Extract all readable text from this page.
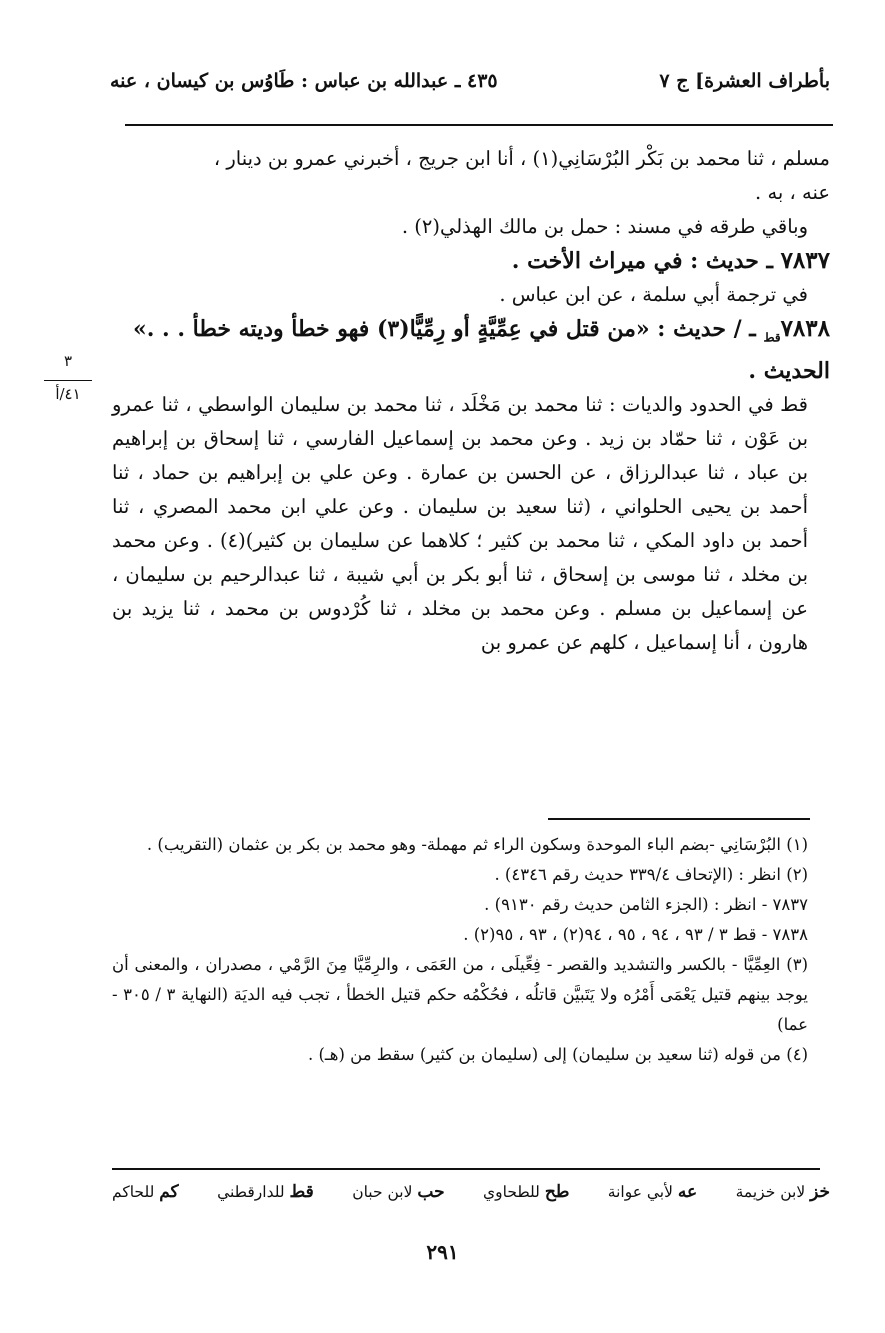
بأطراف العشرة] ج ٧
٤٣٥ ـ عبدالله بن عباس : طَاوُس بن كيسان ، عنه

مسلم ، ثنا محمد بن بَكْر البُرْسَانِي(١) ، أنا ابن جريج ، أخبرني عمرو بن دينار ،

عنه ، به .

وباقي طرقه في مسند : حمل بن مالك الهذلي(٢) .

٧٨٣٧ ـ حديث : في ميراث الأخت .

في ترجمة أبي سلمة ، عن ابن عباس .

$٧٨٣٨_{قط}$ ـ / حديث : «من قتل في عِمِّيَّةٍ أو رِمِّيًّا(٣) فهو خطأ وديته خطأ . . .»

الحديث .

قط في الحدود والديات : ثنا محمد بن مَخْلَد ، ثنا محمد بن سليمان الواسطي ، ثنا عمرو بن عَوْن ، ثنا حمّاد بن زيد . وعن محمد بن إسماعيل الفارسي ، ثنا إسحاق بن إبراهيم بن عباد ، ثنا عبدالرزاق ، عن الحسن بن عمارة . وعن علي بن إبراهيم بن حماد ، ثنا أحمد بن يحيى الحلواني ، (ثنا سعيد بن سليمان . وعن علي ابن محمد المصري ، ثنا أحمد بن داود المكي ، ثنا محمد بن كثير ؛ كلاهما عن سليمان بن كثير)(٤) . وعن محمد بن مخلد ، ثنا موسى بن إسحاق ، ثنا أبو بكر بن أبي شيبة ، ثنا عبدالرحيم بن سليمان ، عن إسماعيل بن مسلم . وعن محمد بن مخلد ، ثنا كُرْدوس بن محمد ، ثنا يزيد بن هارون ، أنا إسماعيل ، كلهم عن عمرو بن

٣
٤١/أ

(١) البُرْسَانِي -بضم الباء الموحدة وسكون الراء ثم مهملة- وهو محمد بن بكر بن عثمان (التقريب) .

(٢) انظر : (الإتحاف ٣٣٩/٤ حديث رقم ٤٣٤٦) .

٧٨٣٧ - انظر : (الجزء الثامن حديث رقم ٩١٣٠) .

٧٨٣٨ - قط ٣ / ٩٣ ، ٩٤ ، ٩٥ ، ٩٤(٢) ، ٩٣ ، ٩٥(٢) .

(٣) العِمِّيَّا - بالكسر والتشديد والقصر - فِعِّيلَى ، من العَمَى ، والرِمِّيَّا مِنَ الرَّمْي ، مصدران ، والمعنى أن يوجد بينهم قتيل يَعْمَى أَمْرُه ولا يَتَبيَّن قاتلُه ، فحُكْمُه حكم قتيل الخطأ ، تجب فيه الديَة (النهاية ٣ / ٣٠٥ - عما)

(٤) من قوله (ثنا سعيد بن سليمان) إلى (سليمان بن كثير) سقط من (هـ) .

خز لابن خزيمة
عه لأبي عوانة
طح للطحاوي
حب لابن حبان
قط للدارقطني
كم للحاكم
٢٩١
